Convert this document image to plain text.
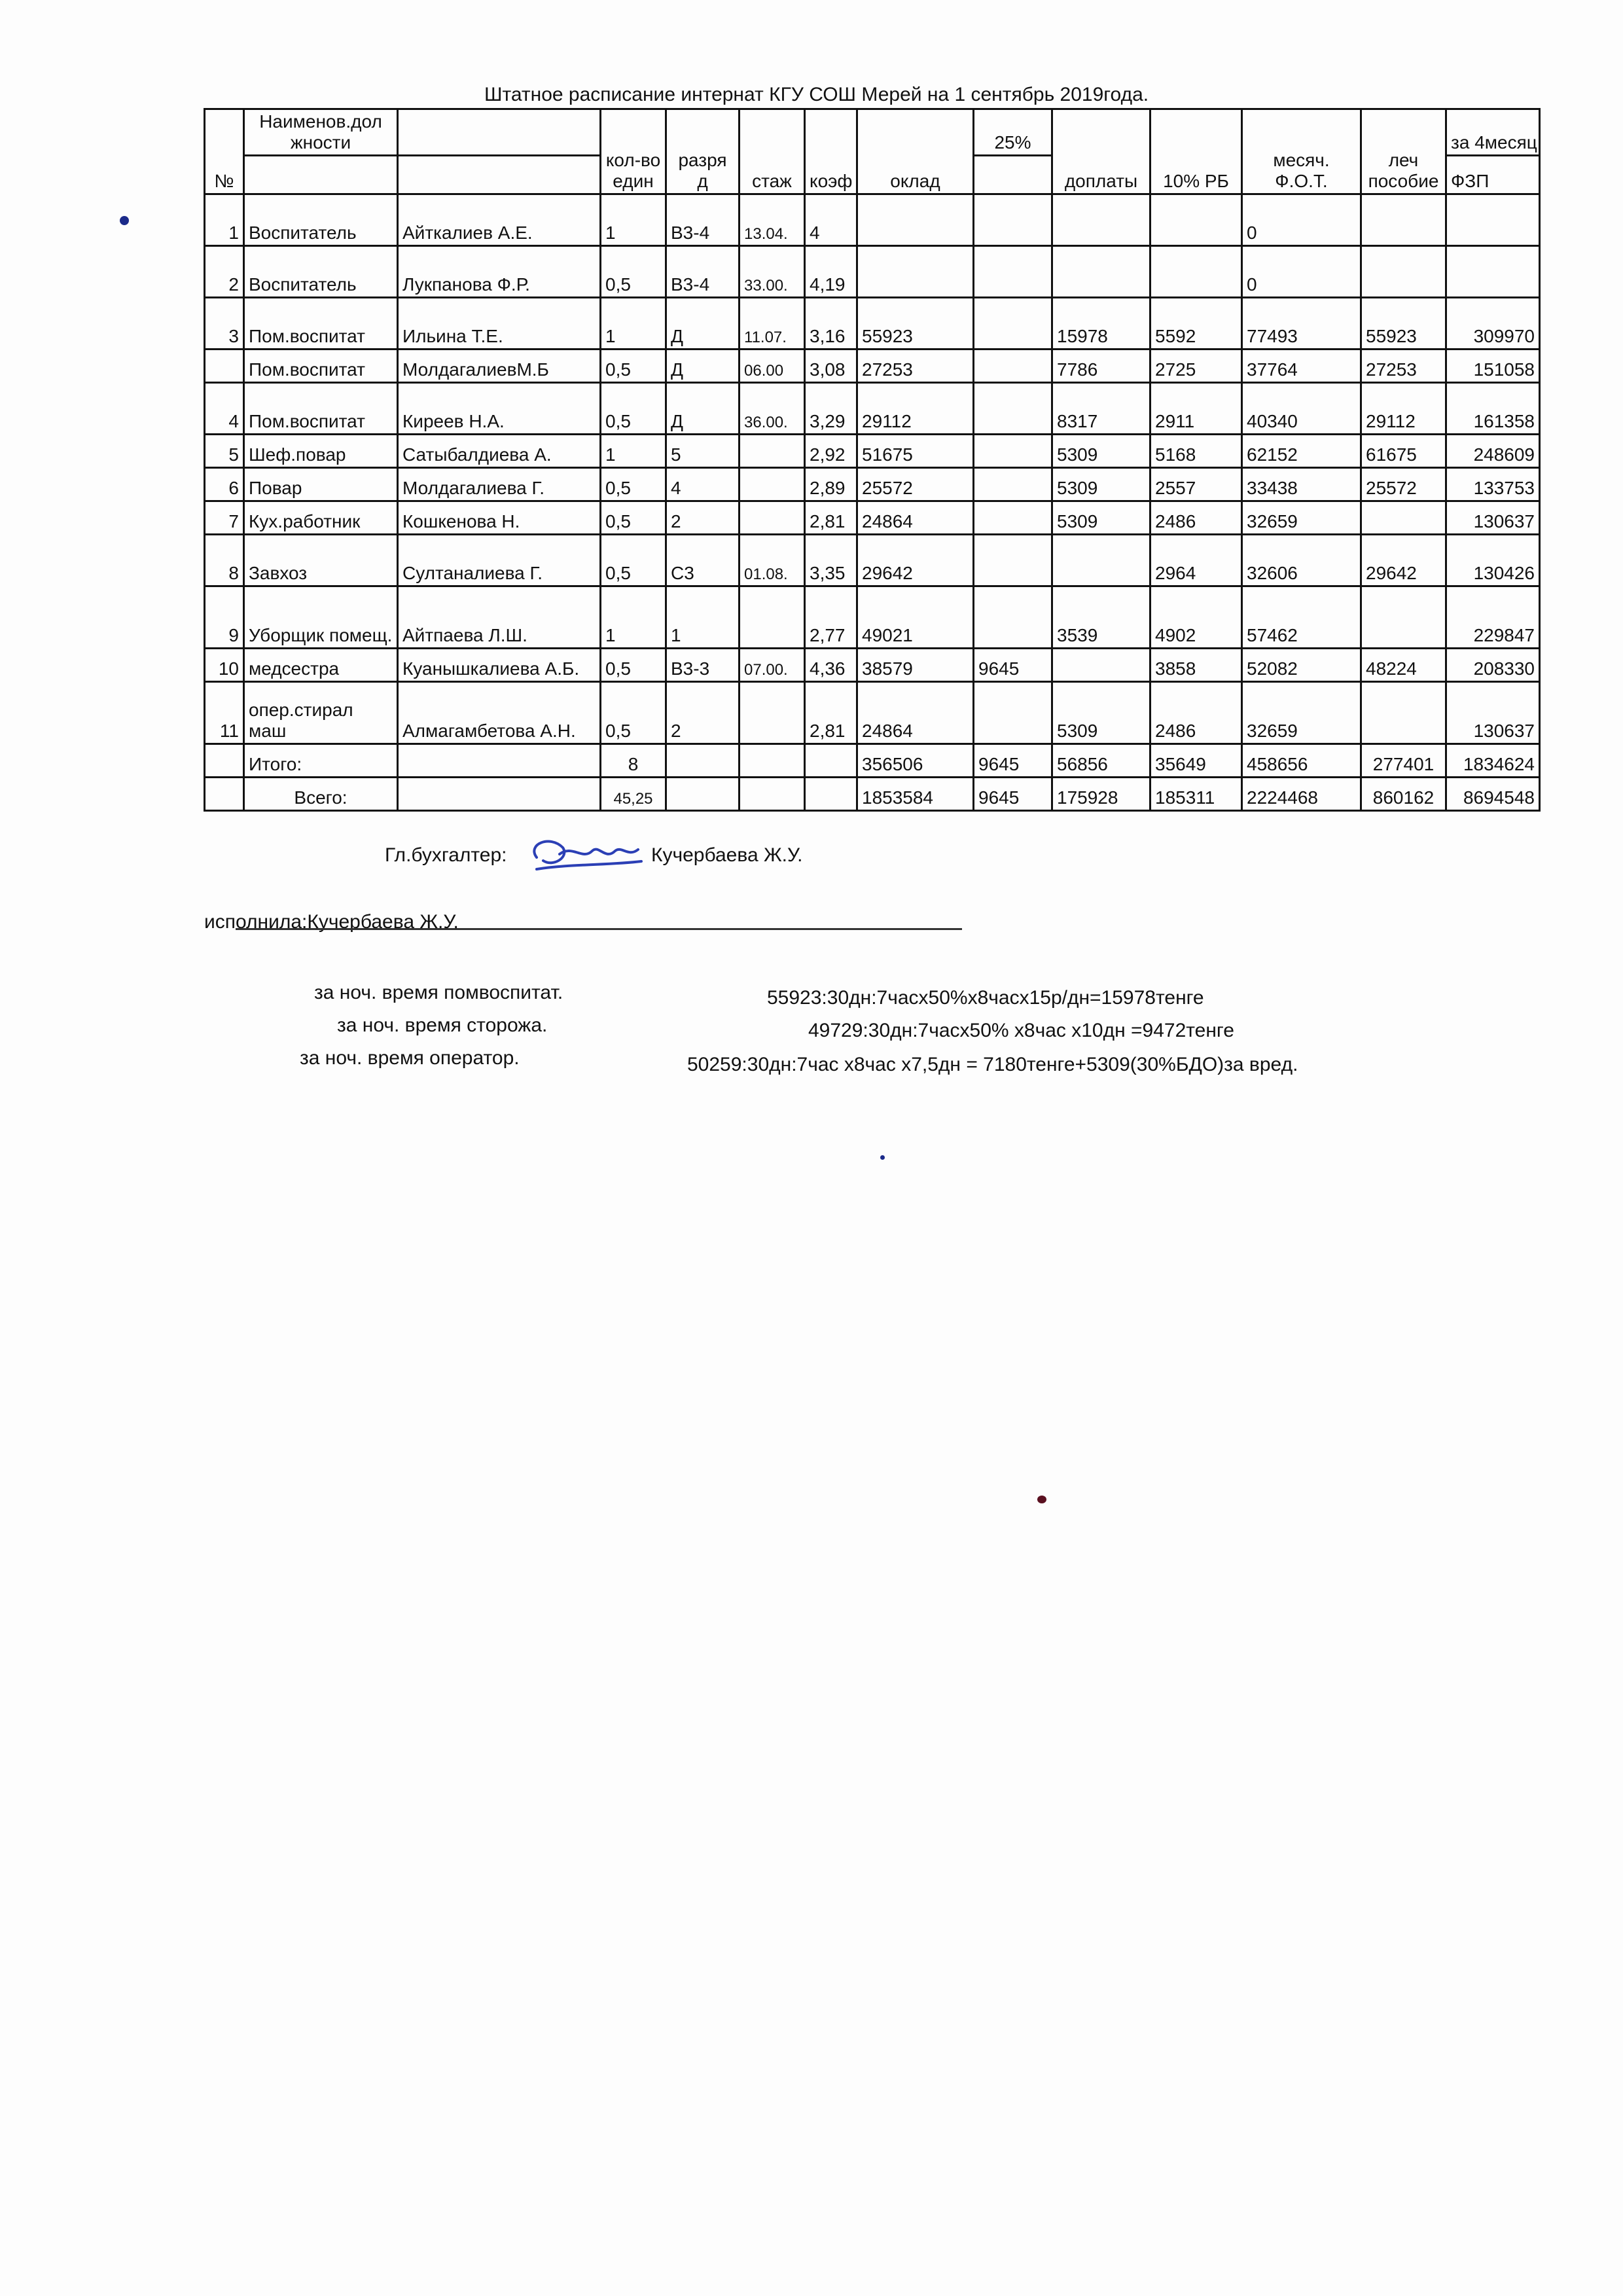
Штатное расписание интернат КГУ СОШ Мерей на 1 сентябрь 2019года.
№	Наименов.дол жности		кол-во един	разря д	стаж	коэф	оклад	25%	доплаты	10% РБ	месяч. Ф.О.Т.	леч пособие	за 4месяц
													ФЗП
1	Воспитатель	Айткалиев А.Е.	1	В3-4	13.04.	4					0		
2	Воспитатель	Лукпанова Ф.Р.	0,5	В3-4	33.00.	4,19					0		
3	Пом.воспитат	Ильина Т.Е.	1	Д	11.07.	3,16	55923		15978	5592	77493	55923	309970
	Пом.воспитат	МолдагалиевМ.Б	0,5	Д	06.00	3,08	27253		7786	2725	37764	27253	151058
4	Пом.воспитат	Киреев Н.А.	0,5	Д	36.00.	3,29	29112		8317	2911	40340	29112	161358
5	Шеф.повар	Сатыбалдиева А.	1	5		2,92	51675		5309	5168	62152	61675	248609
6	Повар	Молдагалиева Г.	0,5	4		2,89	25572		5309	2557	33438	25572	133753
7	Кух.работник	Кошкенова Н.	0,5	2		2,81	24864		5309	2486	32659		130637
8	Завхоз	Султаналиева Г.	0,5	С3	01.08.	3,35	29642			2964	32606	29642	130426
9	Уборщик помещ.	Айтпаева Л.Ш.	1	1		2,77	49021		3539	4902	57462		229847
10	медсестра	Куанышкалиева А.Б.	0,5	В3-3	07.00.	4,36	38579	9645		3858	52082	48224	208330
11	опер.стирал маш	Алмагамбетова А.Н.	0,5	2		2,81	24864		5309	2486	32659		130637
	Итого:		8				356506	9645	56856	35649	458656	277401	1834624
	Всего:		45,25				1853584	9645	175928	185311	2224468	860162	8694548
Гл.бухгалтер:	Кучербаева Ж.У.
исполнила:Кучербаева Ж.У.
за ноч. время помвоспитат.	55923:30дн:7часх50%х8часх15р/дн=15978тенге
за ноч. время сторожа.	49729:30дн:7часх50% х8час х10дн =9472тенге
за ноч. время оператор.	50259:30дн:7час х8час х7,5дн = 7180тенге+5309(30%БДО)за вред.
